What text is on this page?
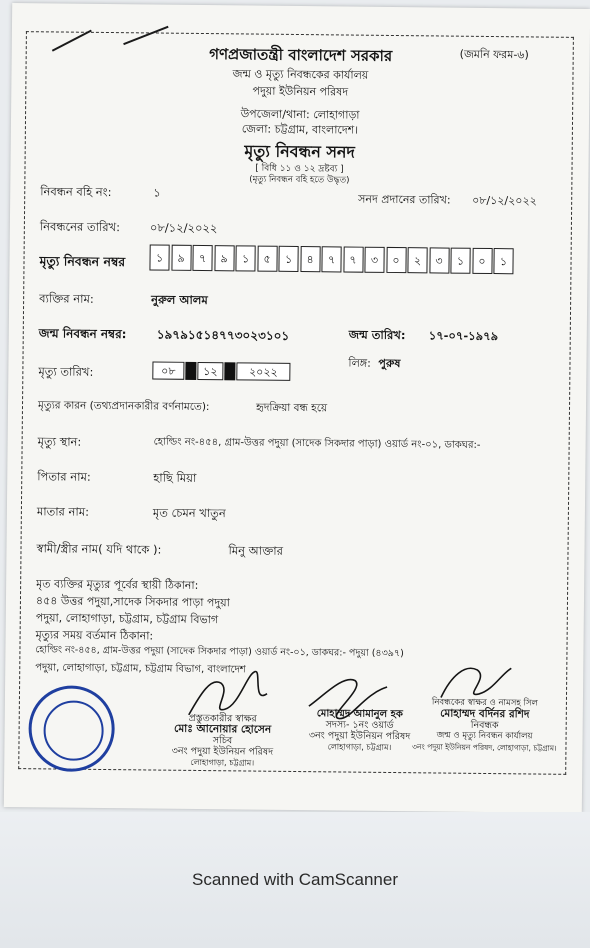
(জমনি ফরম-৬)
গণপ্রজাতন্ত্রী বাংলাদেশ সরকার
জন্ম ও মৃত্যু নিবন্ধকের কার্যালয়
পদুয়া ইউনিয়ন পরিষদ
উপজেলা/থানা: লোহাগাড়া
জেলা: চট্টগ্রাম, বাংলাদেশ।
মৃত্যু নিবন্ধন সনদ
[ বিধি ১১ ও ১২ দ্রষ্টব্য ]
(মৃত্যু নিবন্ধন বহি হতে উদ্ধৃত)
নিবন্ধন বহি নং:	১
সনদ প্রদানের তারিখ: ০৮/১২/২০২২
নিবন্ধনের তারিখ:	০৮/১২/২০২২
মৃত্যু নিবন্ধন নম্বর	১	৯	৭	৯	১	৫	১	৪	৭	৭	৩	০	২	৩	১	০	১
ব্যক্তির নাম:	নুরুল আলম
জন্ম নিবন্ধন নম্বর:	১৯৭৯১৫১৪৭৭৩০২৩১০১	জন্ম তারিখ: ১৭-০৭-১৯৭৯
লিঙ্গ: পুরুষ
মৃত্যু তারিখ:	০৮	১২	২০২২
মৃত্যুর কারন (তথ্যপ্রদানকারীর বর্ণনামতে):	হৃদক্রিয়া বন্ধ হয়ে
মৃত্যু স্থান:	হোল্ডিং নং-৪৫৪, গ্রাম-উত্তর পদুয়া (সাদেক সিকদার পাড়া) ওয়ার্ড নং-০১, ডাকঘর:-
পিতার নাম:	হাছি মিয়া
মাতার নাম:	মৃত চেমন খাতুন
স্বামী/স্ত্রীর নাম( যদি থাকে ):	মিনু আক্তার
মৃত ব্যক্তির মৃত্যুর পূর্বের স্থায়ী ঠিকানা:
৪৫৪ উত্তর পদুয়া,সাদেক সিকদার পাড়া পদুয়া
পদুয়া, লোহাগাড়া, চট্টগ্রাম, চট্টগ্রাম বিভাগ
মৃত্যুর সময় বর্তমান ঠিকানা:
হোল্ডিং নং-৪৫৪, গ্রাম-উত্তর পদুয়া (সাদেক সিকদার পাড়া) ওয়ার্ড নং-০১, ডাকঘর:- পদুয়া (৪৩৯৭)
পদুয়া, লোহাগাড়া, চট্টগ্রাম, চট্টগ্রাম বিভাগ, বাংলাদেশ
প্রস্তুতকারীর স্বাক্ষর
মোঃ আনোয়ার হোসেন
সচিব
৩নং পদুয়া ইউনিয়ন পরিষদ
লোহাগাড়া, চট্টগ্রাম।
মোহাম্মদ আমানুল হক
সদস্য- ১নং ওয়ার্ড
৩নং পদুয়া ইউনিয়ন পরিষদ
লোহাগাড়া, চট্টগ্রাম।
নিবন্ধকের স্বাক্ষর ও নামসহ সিল
মোহাম্মদ বর্দিনর রশিদ
নিবন্ধক
জন্ম ও মৃত্যু নিবন্ধন কার্যালয়
৩নং পদুয়া ইউনিয়ন পরিষদ, লোহাগাড়া, চট্টগ্রাম।
Scanned with CamScanner
